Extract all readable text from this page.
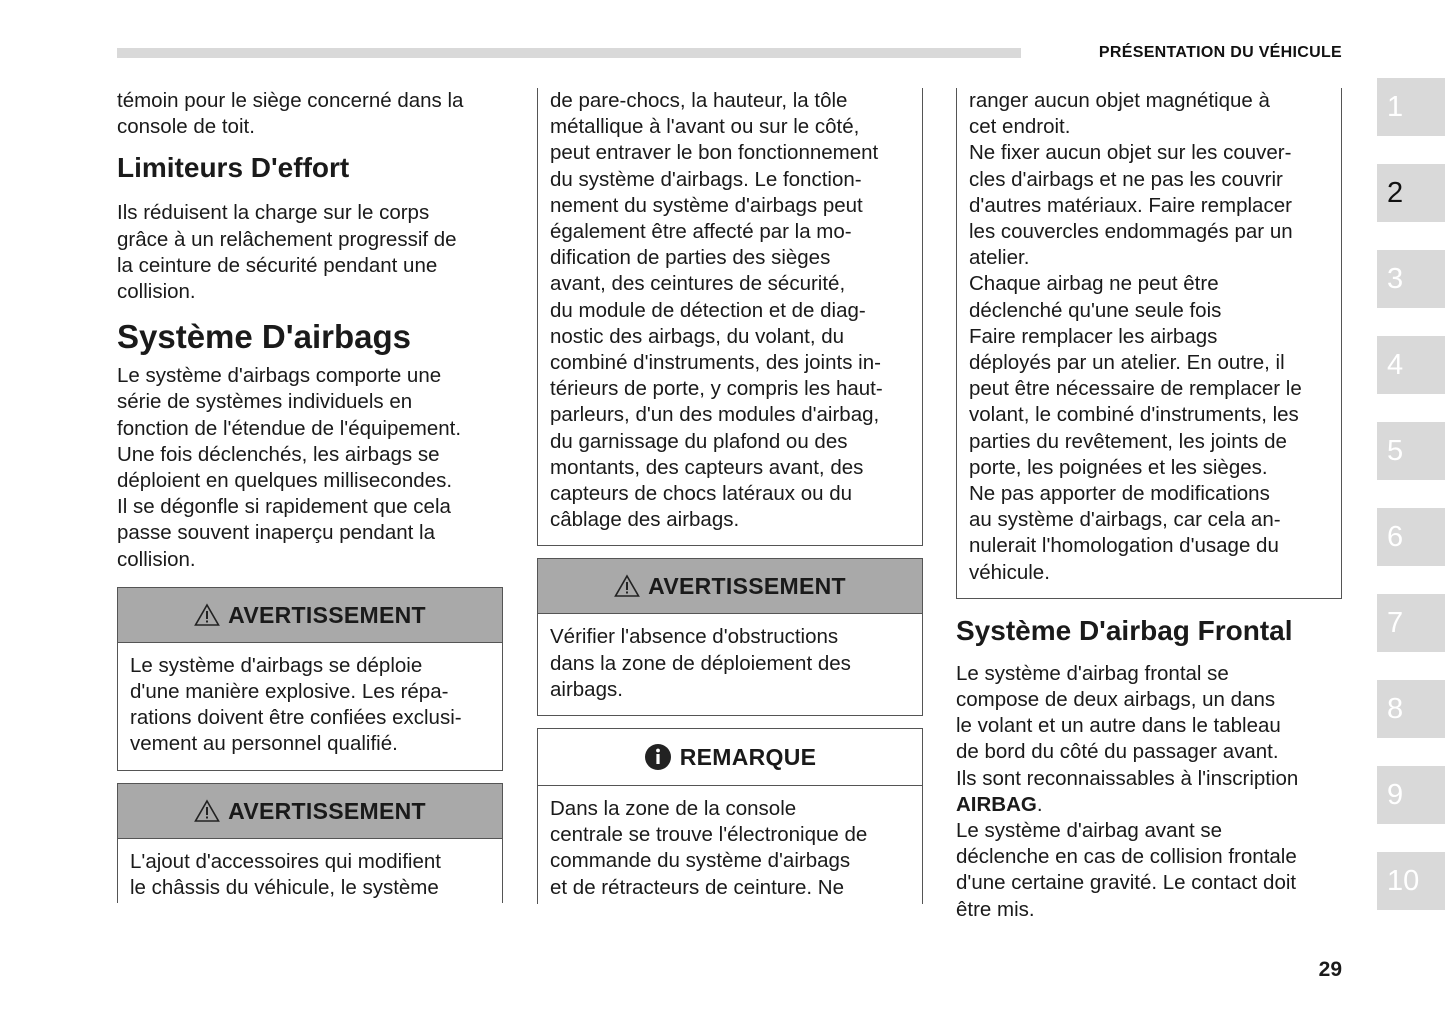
PRÉSENTATION DU VÉHICULE

témoin pour le siège concerné dans la

console de toit.

Limiteurs D'effort

Ils réduisent la charge sur le corps

grâce à un relâchement progressif de

la ceinture de sécurité pendant une

collision.

Système D'airbags

Le système d'airbags comporte une

série de systèmes individuels en

fonction de l'étendue de l'équipement.

Une fois déclenchés, les airbags se

déploient en quelques millisecondes.

Il se dégonfle si rapidement que cela

passe souvent inaperçu pendant la

collision.

AVERTISSEMENT

Le système d'airbags se déploie

d'une manière explosive. Les répa-

rations doivent être confiées exclusi-

vement au personnel qualifié.

AVERTISSEMENT

L'ajout d'accessoires qui modifient

le châssis du véhicule, le système

de pare-chocs, la hauteur, la tôle

métallique à l'avant ou sur le côté,

peut entraver le bon fonctionnement

du système d'airbags. Le fonction-

nement du système d'airbags peut

également être affecté par la mo-

dification de parties des sièges

avant, des ceintures de sécurité,

du module de détection et de diag-

nostic des airbags, du volant, du

combiné d'instruments, des joints in-

térieurs de porte, y compris les haut-

parleurs, d'un des modules d'airbag,

du garnissage du plafond ou des

montants, des capteurs avant, des

capteurs de chocs latéraux ou du

câblage des airbags.

AVERTISSEMENT

Vérifier l'absence d'obstructions

dans la zone de déploiement des

airbags.

REMARQUE

Dans la zone de la console

centrale se trouve l'électronique de

commande du système d'airbags

et de rétracteurs de ceinture. Ne

ranger aucun objet magnétique à

cet endroit.

Ne fixer aucun objet sur les couver-

cles d'airbags et ne pas les couvrir

d'autres matériaux. Faire remplacer

les couvercles endommagés par un

atelier.

Chaque airbag ne peut être

déclenché qu'une seule fois

Faire remplacer les airbags

déployés par un atelier. En outre, il

peut être nécessaire de remplacer le

volant, le combiné d'instruments, les

parties du revêtement, les joints de

porte, les poignées et les sièges.

Ne pas apporter de modifications

au système d'airbags, car cela an-

nulerait l'homologation d'usage du

véhicule.

Système D'airbag Frontal

Le système d'airbag frontal se

compose de deux airbags, un dans

le volant et un autre dans le tableau

de bord du côté du passager avant.

Ils sont reconnaissables à l'inscription

AIRBAG.

Le système d'airbag avant se

déclenche en cas de collision frontale

d'une certaine gravité. Le contact doit

être mis.

1
2
3
4
5
6
7
8
9
10
29
